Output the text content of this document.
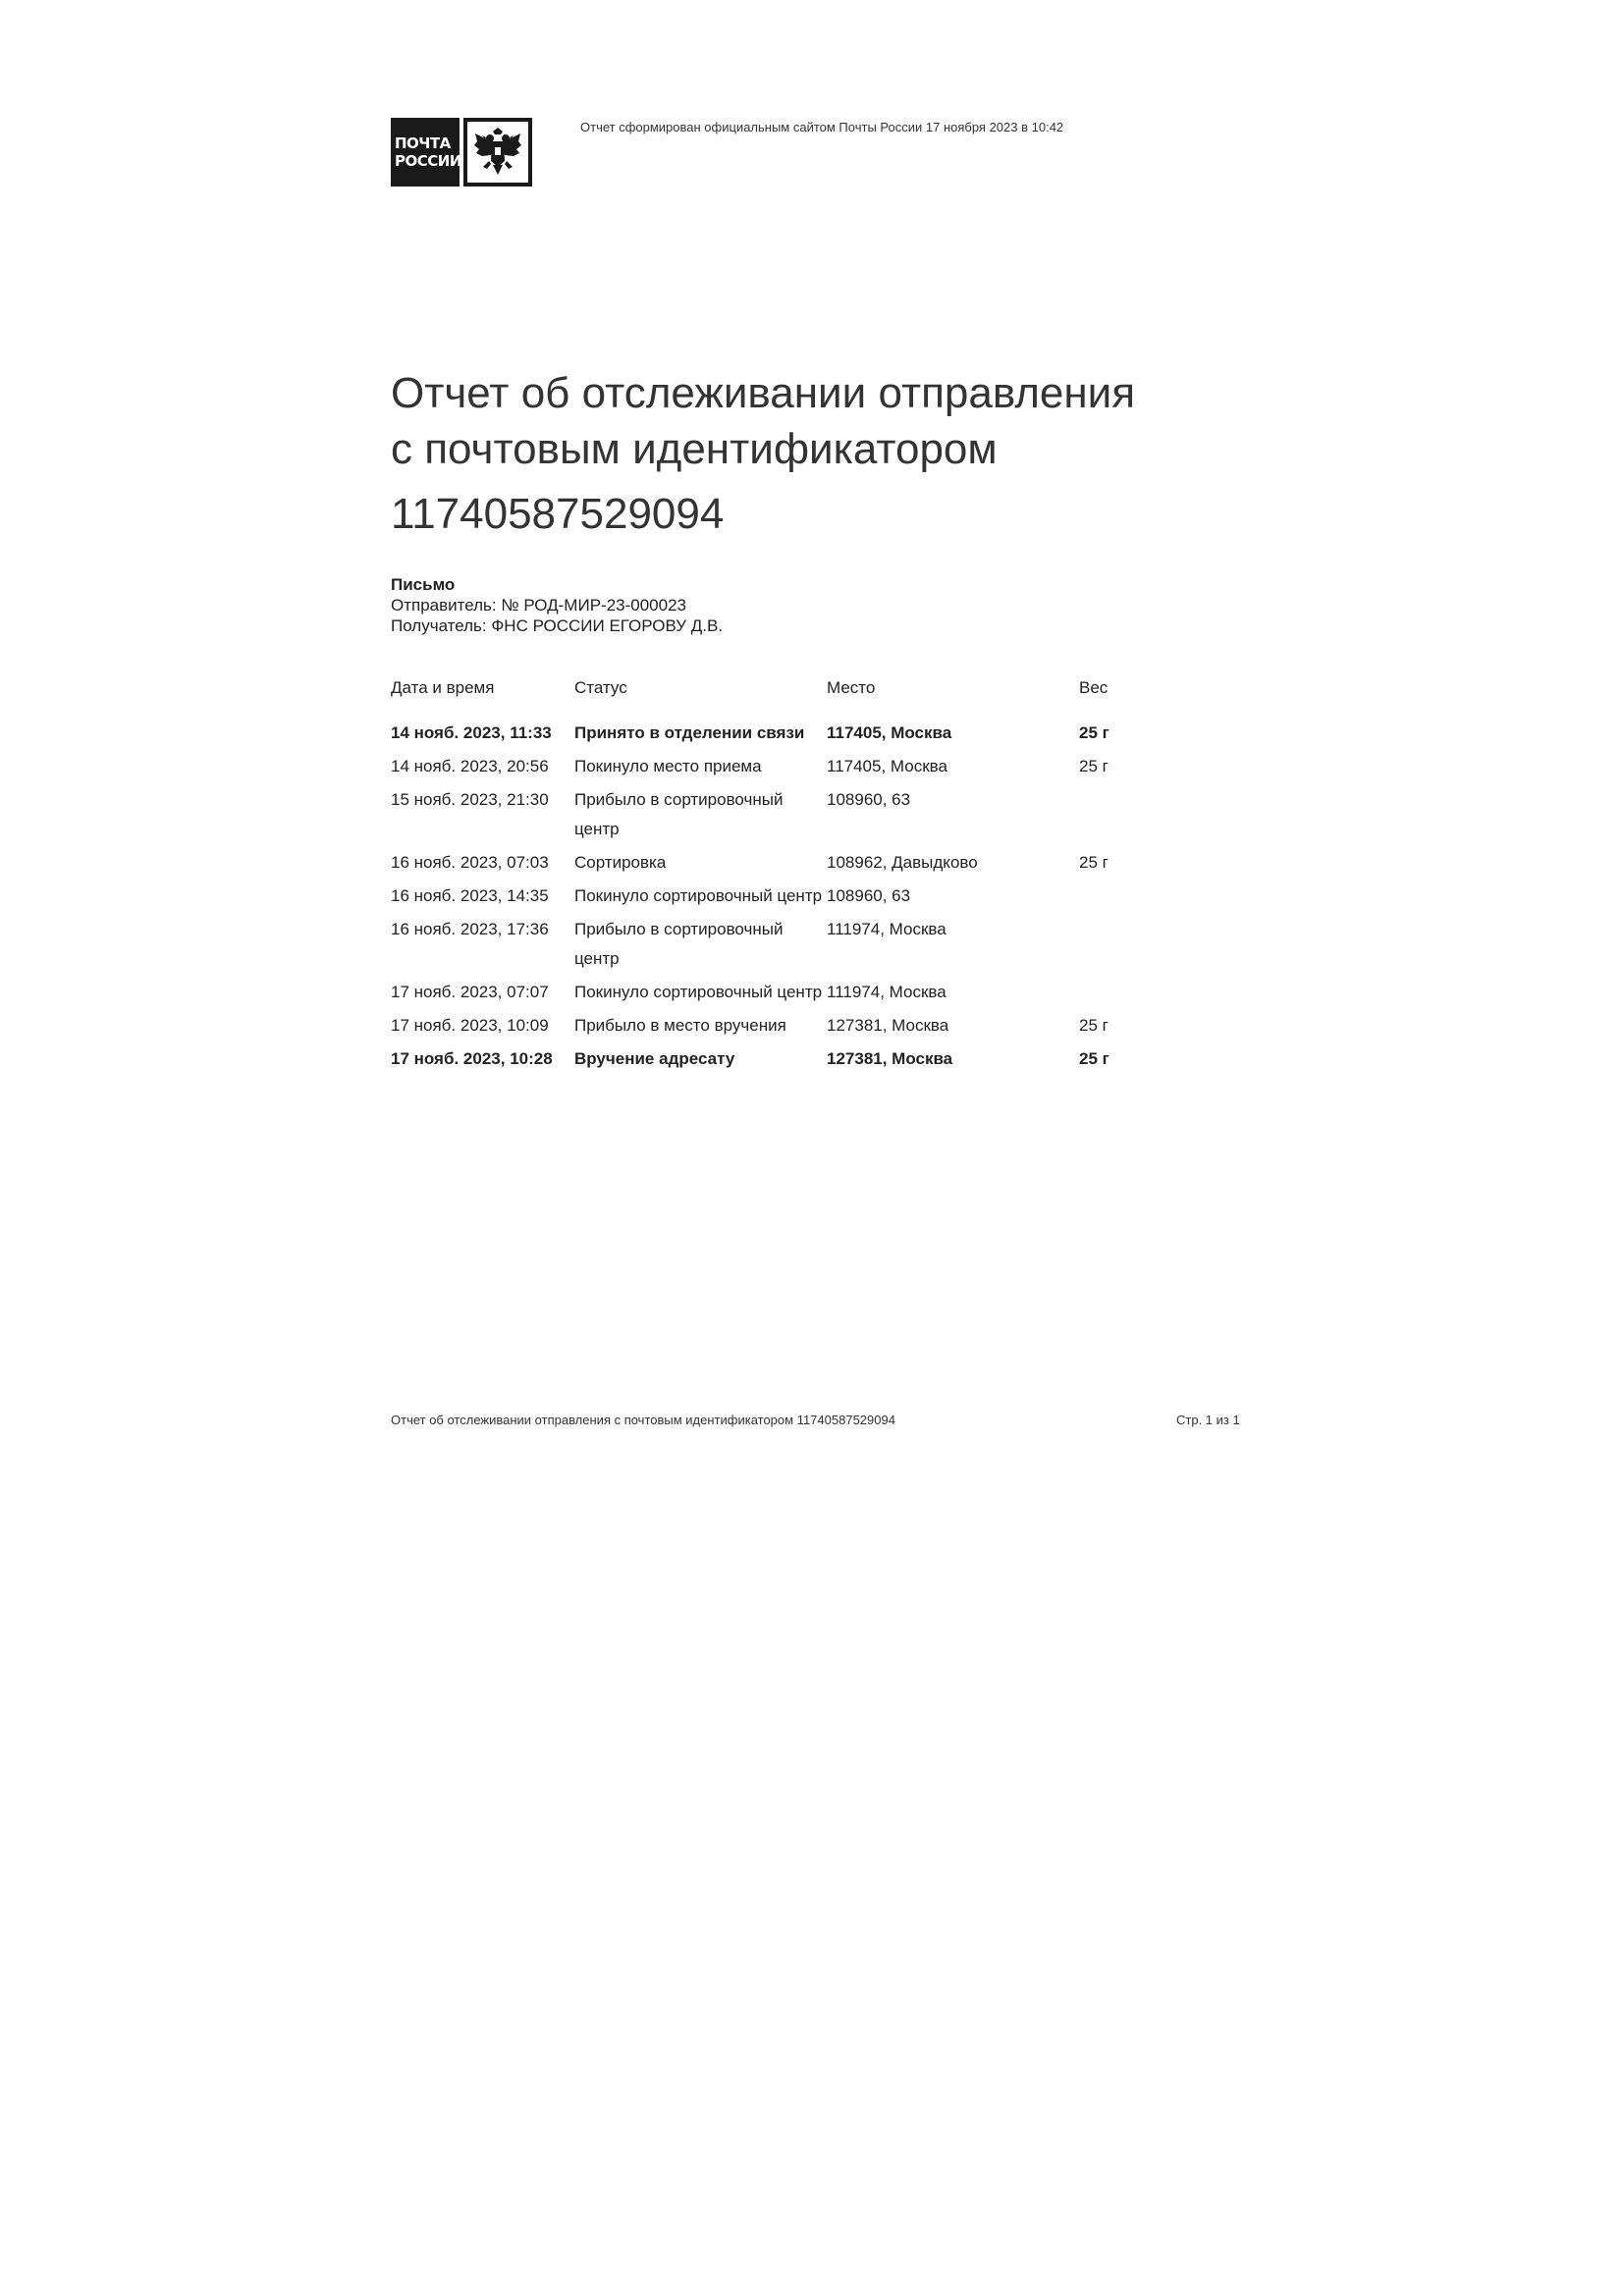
ПОЧТА
РОССИИ
Отчет сформирован официальным сайтом Почты России 17 ноября 2023 в 10:42
Отчет об отслеживании отправления
с почтовым идентификатором
11740587529094
Письмо
Отправитель: № РОД-МИР-23-000023
Получатель: ФНС РОССИИ ЕГОРОВУ Д.В.
Дата и время	Статус	Место	Вес
14 нояб. 2023, 11:33	Принято в отделении связи	117405, Москва	25 г
14 нояб. 2023, 20:56	Покинуло место приема	117405, Москва	25 г
15 нояб. 2023, 21:30	Прибыло в сортировочный центр	108960, 63	
16 нояб. 2023, 07:03	Сортировка	108962, Давыдково	25 г
16 нояб. 2023, 14:35	Покинуло сортировочный центр	108960, 63	
16 нояб. 2023, 17:36	Прибыло в сортировочный центр	111974, Москва	
17 нояб. 2023, 07:07	Покинуло сортировочный центр	111974, Москва	
17 нояб. 2023, 10:09	Прибыло в место вручения	127381, Москва	25 г
17 нояб. 2023, 10:28	Вручение адресату	127381, Москва	25 г
Отчет об отслеживании отправления с почтовым идентификатором 11740587529094	Стр. 1 из 1
